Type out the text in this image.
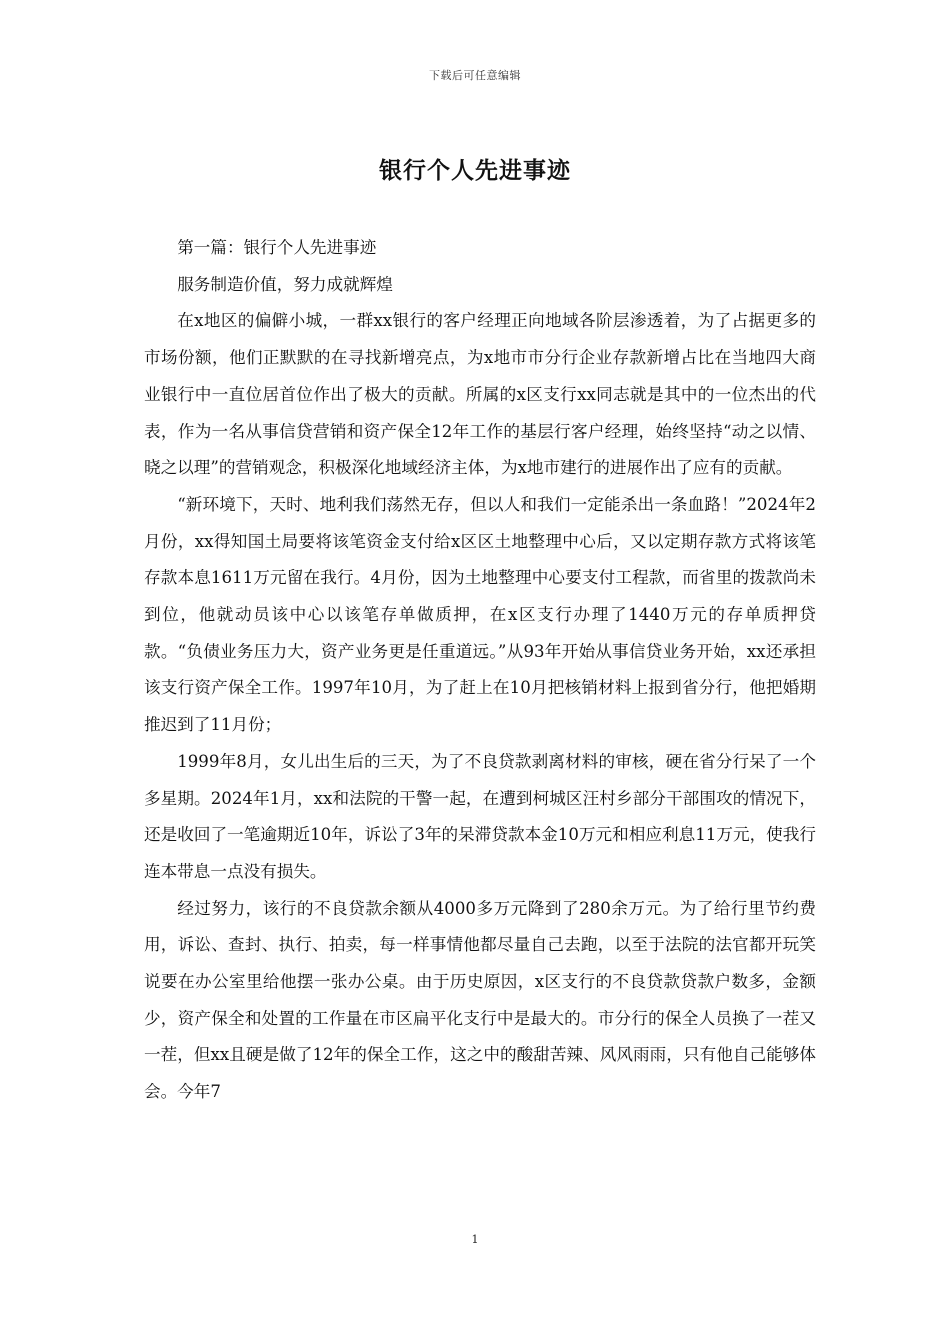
下载后可任意编辑
银行个人先进事迹

第一篇：银行个人先进事迹

服务制造价值，努力成就辉煌

在x地区的偏僻小城，一群xx银行的客户经理正向地域各阶层渗透着，为了占据更多的市场份额，他们正默默的在寻找新增亮点，为x地市市分行企业存款新增占比在当地四大商业银行中一直位居首位作出了极大的贡献。所属的x区支行xx同志就是其中的一位杰出的代表，作为一名从事信贷营销和资产保全12年工作的基层行客户经理，始终坚持“动之以情、晓之以理”的营销观念，积极深化地域经济主体，为x地市建行的进展作出了应有的贡献。

“新环境下，天时、地利我们荡然无存，但以人和我们一定能杀出一条血路！”2024年2月份，xx得知国土局要将该笔资金支付给x区区土地整理中心后，又以定期存款方式将该笔存款本息1611万元留在我行。4月份，因为土地整理中心要支付工程款，而省里的拨款尚未到位，他就动员该中心以该笔存单做质押，在x区支行办理了1440万元的存单质押贷款。“负债业务压力大，资产业务更是任重道远。”从93年开始从事信贷业务开始，xx还承担该支行资产保全工作。1997年10月，为了赶上在10月把核销材料上报到省分行，他把婚期推迟到了11月份；

1999年8月，女儿出生后的三天，为了不良贷款剥离材料的审核，硬在省分行呆了一个多星期。2024年1月，xx和法院的干警一起，在遭到柯城区汪村乡部分干部围攻的情况下，还是收回了一笔逾期近10年，诉讼了3年的呆滞贷款本金10万元和相应利息11万元，使我行连本带息一点没有损失。

经过努力，该行的不良贷款余额从4000多万元降到了280余万元。为了给行里节约费用，诉讼、查封、执行、拍卖，每一样事情他都尽量自己去跑，以至于法院的法官都开玩笑说要在办公室里给他摆一张办公桌。由于历史原因，x区支行的不良贷款贷款户数多，金额少，资产保全和处置的工作量在市区扁平化支行中是最大的。市分行的保全人员换了一茬又一茬，但xx且硬是做了12年的保全工作，这之中的酸甜苦辣、风风雨雨，只有他自己能够体会。今年7

1
